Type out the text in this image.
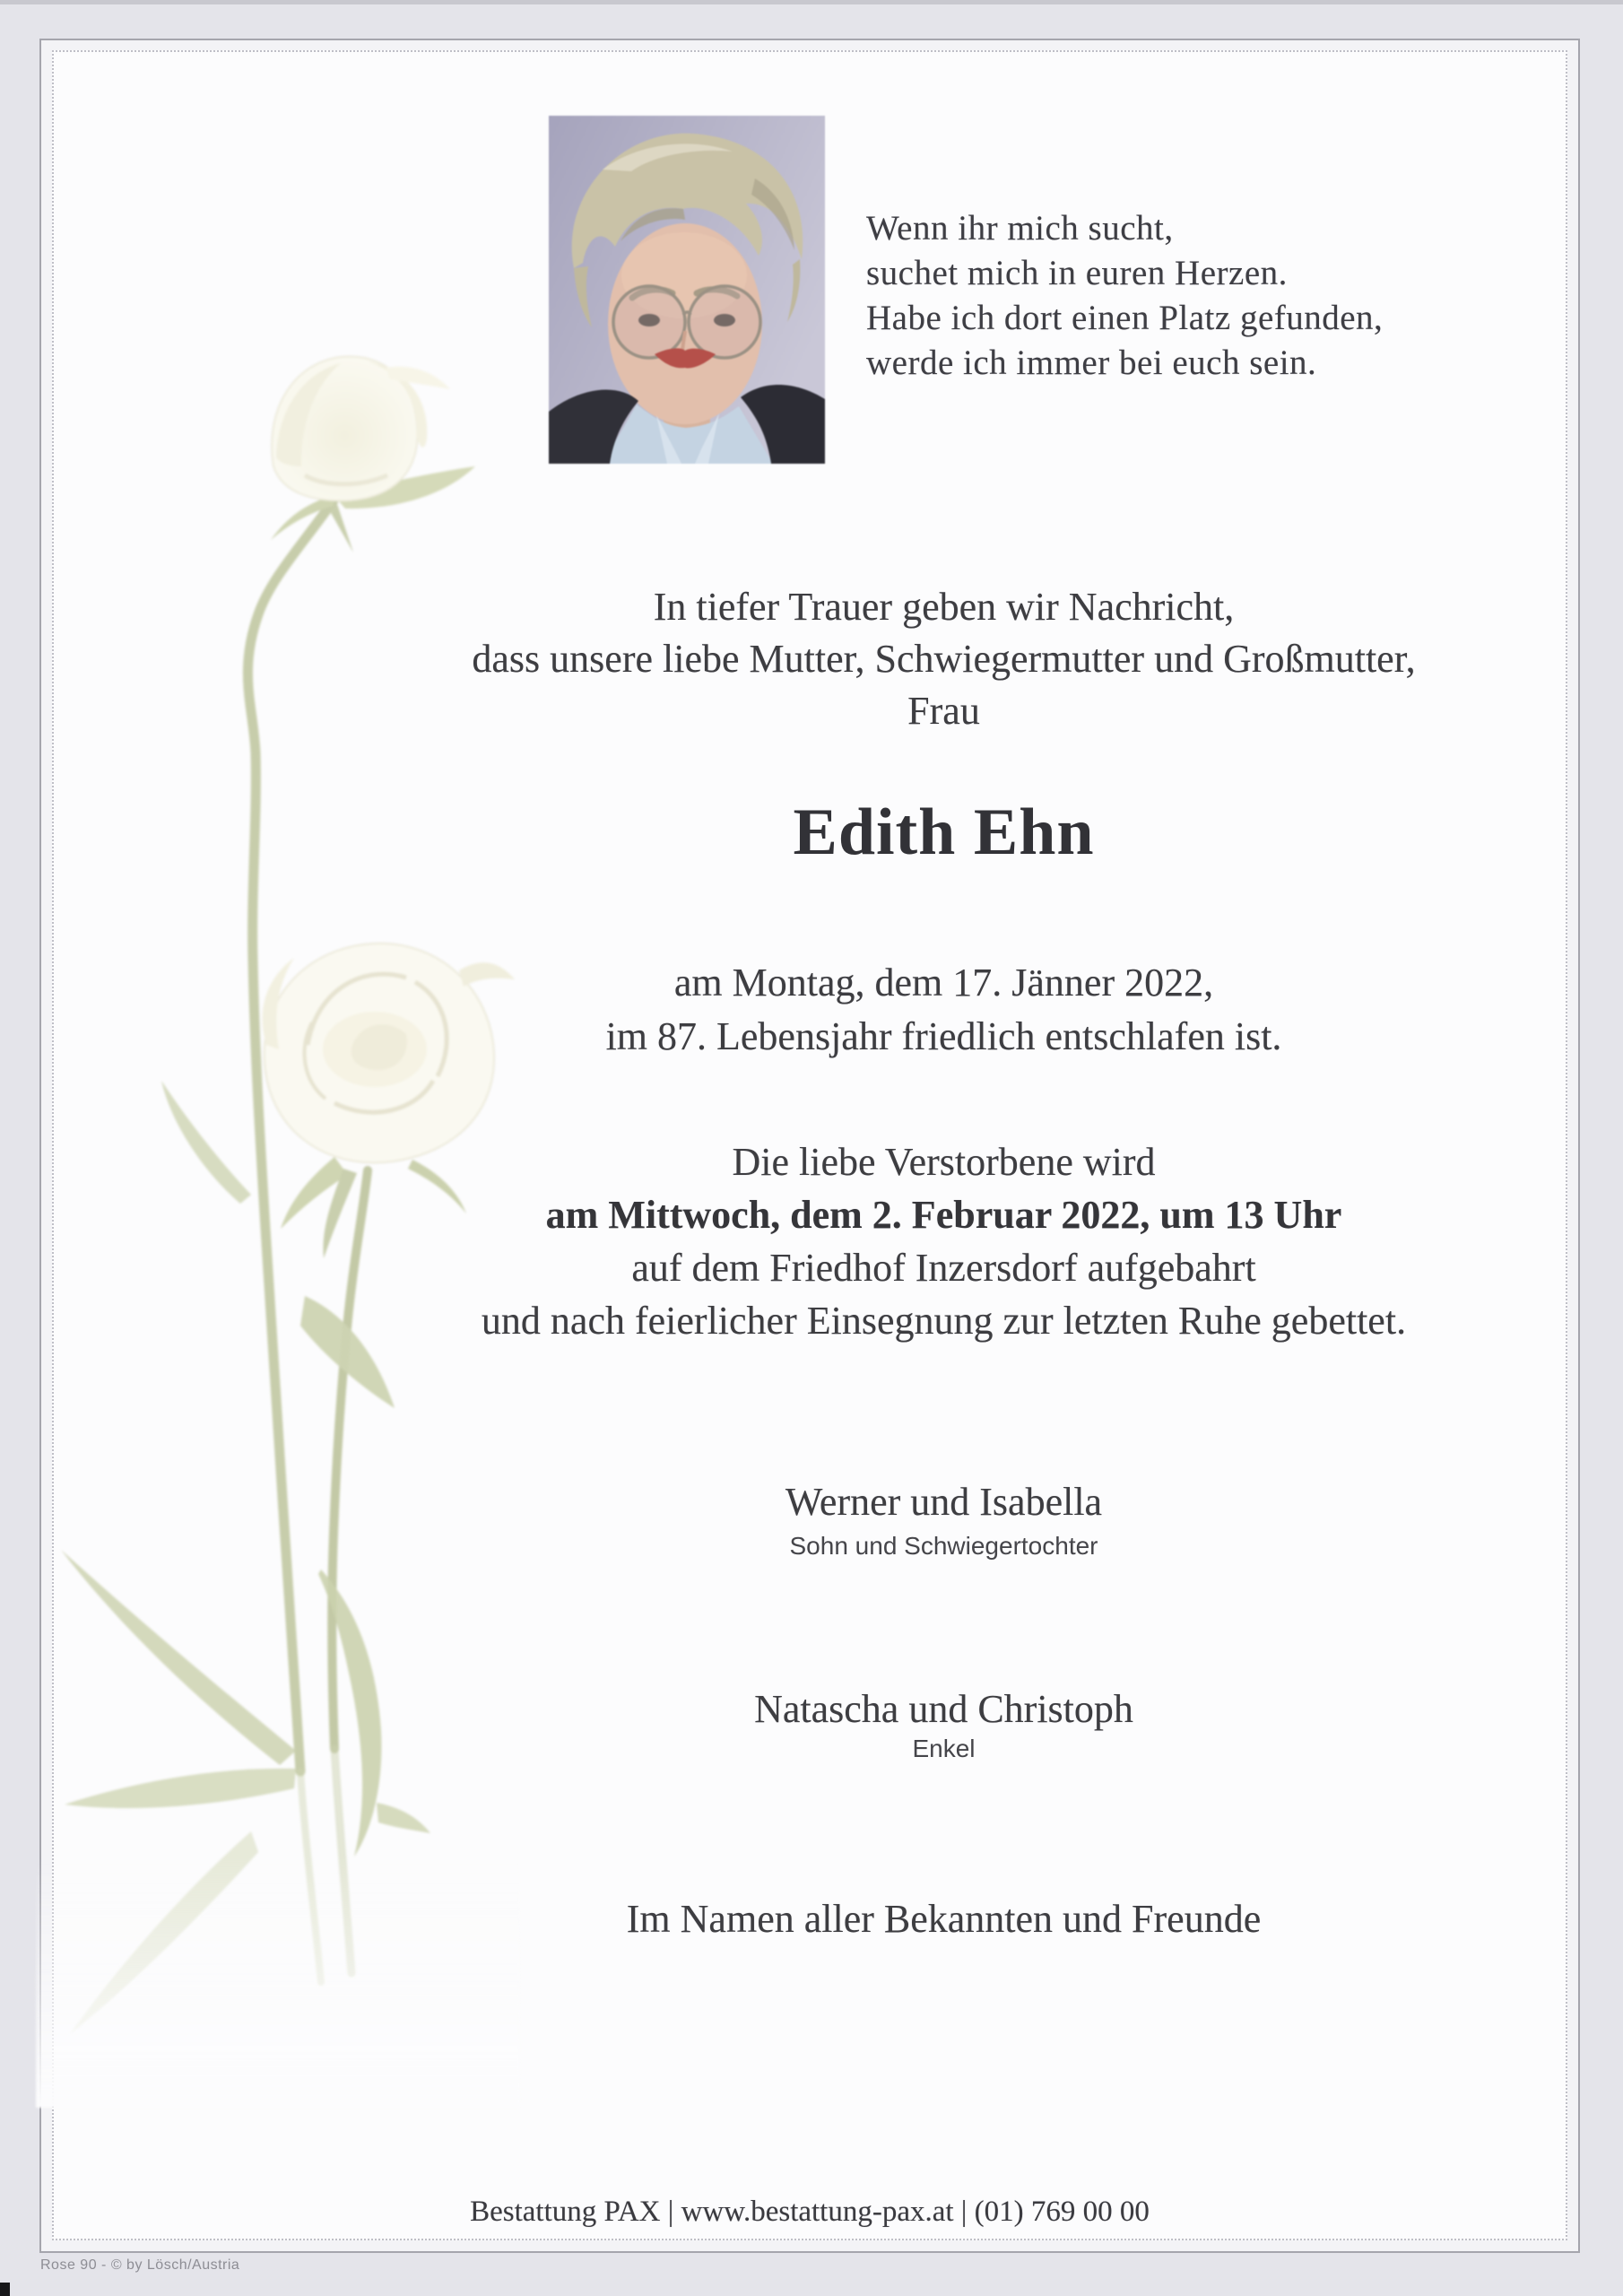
Wenn ihr mich sucht,
suchet mich in euren Herzen.
Habe ich dort einen Platz gefunden,
werde ich immer bei euch sein.
In tiefer Trauer geben wir Nachricht,
dass unsere liebe Mutter, Schwiegermutter und Großmutter,
Frau
Edith Ehn
am Montag, dem 17. Jänner 2022,
im 87. Lebensjahr friedlich entschlafen ist.
Die liebe Verstorbene wird
am Mittwoch, dem 2. Februar 2022, um 13 Uhr
auf dem Friedhof Inzersdorf aufgebahrt
und nach feierlicher Einsegnung zur letzten Ruhe gebettet.
Werner und Isabella
Sohn und Schwiegertochter
Natascha und Christoph
Enkel
Im Namen aller Bekannten und Freunde
Bestattung PAX | www.bestattung-pax.at | (01) 769 00 00
Rose 90 - © by Lösch/Austria
